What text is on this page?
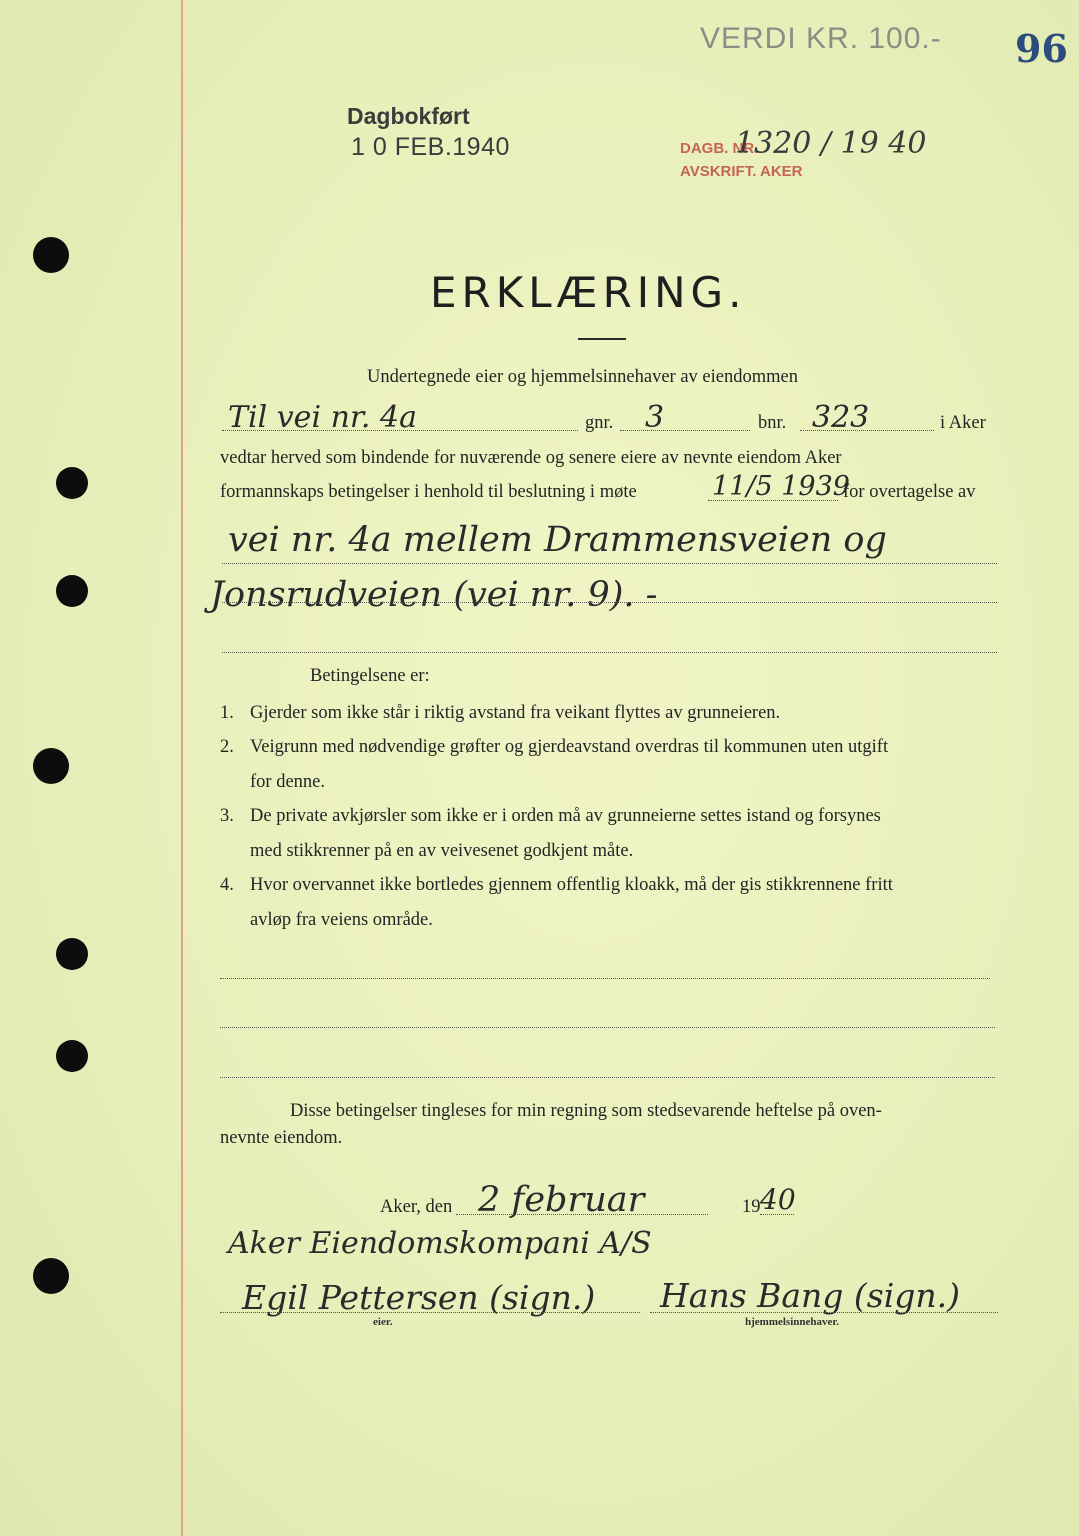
VERDI KR. 100.- 96
Dagbokført
1 0 FEB.1940	DAGB. NR.
1320 / 19 40
AVSKRIFT. AKER
ERKLÆRING.
Undertegnede eier og hjemmelsinnehaver av eiendommen
Til vei nr. 4a	gnr. 3	bnr. 323	i Aker
vedtar herved som bindende for nuværende og senere eiere av nevnte eiendom Aker
formannskaps betingelser i henhold til beslutning i møte	11/5 1939
for overtagelse av
vei nr. 4a mellem Drammensveien og
Jonsrudveien (vei nr. 9). -
Betingelsene er:
1. Gjerder som ikke står i riktig avstand fra veikant flyttes av grunneieren.
2. Veigrunn med nødvendige grøfter og gjerdeavstand overdras til kommunen uten utgift
for denne.
3. De private avkjørsler som ikke er i orden må av grunneierne settes istand og forsynes
med stikkrenner på en av veivesenet godkjent måte.
4. Hvor overvannet ikke bortledes gjennem offentlig kloakk, må der gis stikkrennene fritt
avløp fra veiens område.
Disse betingelser tingleses for min regning som stedsevarende heftelse på oven-
nevnte eiendom.
Aker, den 2 februar	19 40
Aker Eiendomskompani A/S
Egil Pettersen (sign.) Hans Bang (sign.)
eier.	hjemmelsinnehaver.
